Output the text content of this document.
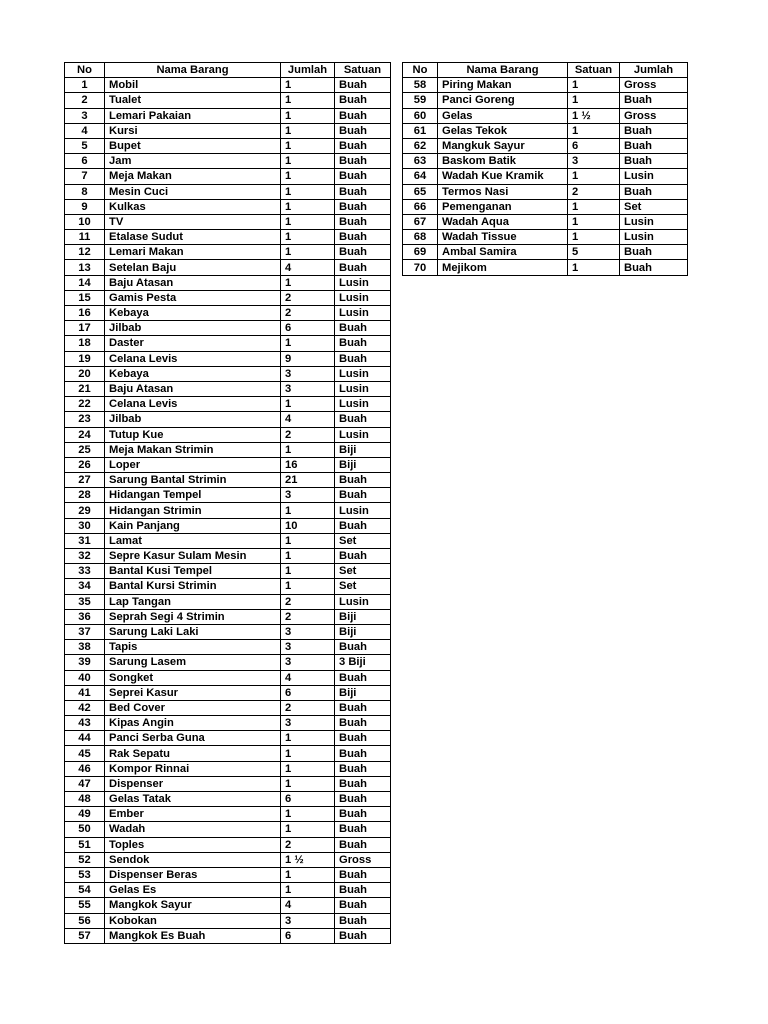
No	Nama Barang	Jumlah	Satuan
1	Mobil	1	Buah
2	Tualet	1	Buah
3	Lemari Pakaian	1	Buah
4	Kursi	1	Buah
5	Bupet	1	Buah
6	Jam	1	Buah
7	Meja Makan	1	Buah
8	Mesin Cuci	1	Buah
9	Kulkas	1	Buah
10	TV	1	Buah
11	Etalase Sudut	1	Buah
12	Lemari Makan	1	Buah
13	Setelan Baju	4	Buah
14	Baju Atasan	1	Lusin
15	Gamis Pesta	2	Lusin
16	Kebaya	2	Lusin
17	Jilbab	6	Buah
18	Daster	1	Buah
19	Celana Levis	9	Buah
20	Kebaya	3	Lusin
21	Baju Atasan	3	Lusin
22	Celana Levis	1	Lusin
23	Jilbab	4	Buah
24	Tutup Kue	2	Lusin
25	Meja Makan Strimin	1	Biji
26	Loper	16	Biji
27	Sarung Bantal Strimin	21	Buah
28	Hidangan Tempel	3	Buah
29	Hidangan Strimin	1	Lusin
30	Kain Panjang	10	Buah
31	Lamat	1	Set
32	Sepre Kasur Sulam Mesin	1	Buah
33	Bantal Kusi Tempel	1	Set
34	Bantal Kursi Strimin	1	Set
35	Lap Tangan	2	Lusin
36	Seprah Segi 4 Strimin	2	Biji
37	Sarung Laki Laki	3	Biji
38	Tapis	3	Buah
39	Sarung Lasem	3	3 Biji
40	Songket	4	Buah
41	Seprei Kasur	6	Biji
42	Bed Cover	2	Buah
43	Kipas Angin	3	Buah
44	Panci Serba Guna	1	Buah
45	Rak Sepatu	1	Buah
46	Kompor Rinnai	1	Buah
47	Dispenser	1	Buah
48	Gelas Tatak	6	Buah
49	Ember	1	Buah
50	Wadah	1	Buah
51	Toples	2	Buah
52	Sendok	1 ½	Gross
53	Dispenser Beras	1	Buah
54	Gelas Es	1	Buah
55	Mangkok Sayur	4	Buah
56	Kobokan	3	Buah
57	Mangkok Es Buah	6	Buah
No	Nama Barang	Satuan	Jumlah
58	Piring Makan	1	Gross
59	Panci Goreng	1	Buah
60	Gelas	1 ½	Gross
61	Gelas Tekok	1	Buah
62	Mangkuk Sayur	6	Buah
63	Baskom Batik	3	Buah
64	Wadah Kue Kramik	1	Lusin
65	Termos Nasi	2	Buah
66	Pemenganan	1	Set
67	Wadah Aqua	1	Lusin
68	Wadah Tissue	1	Lusin
69	Ambal Samira	5	Buah
70	Mejikom	1	Buah
